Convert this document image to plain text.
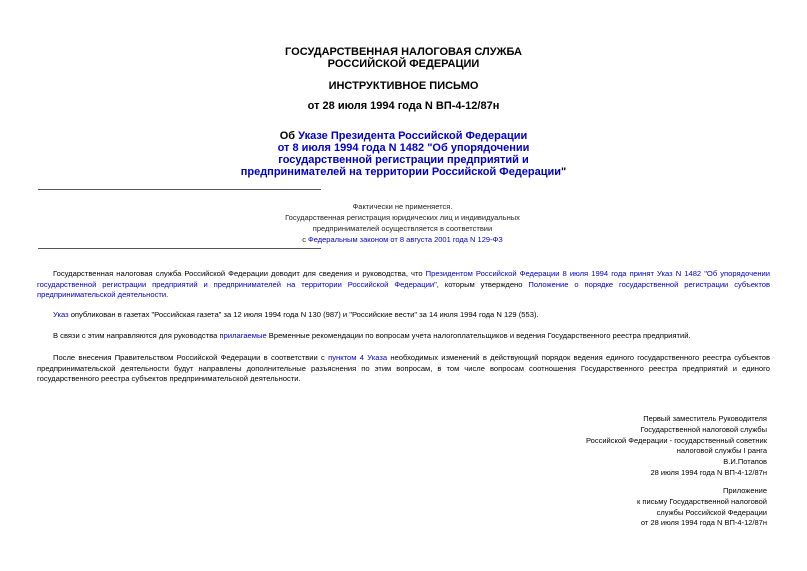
ГОСУДАРСТВЕННАЯ НАЛОГОВАЯ СЛУЖБА
РОССИЙСКОЙ ФЕДЕРАЦИИ
ИНСТРУКТИВНОЕ ПИСЬМО
от 28 июля 1994 года N ВП-4-12/87н
Об Указе Президента Российской Федерации
от 8 июля 1994 года N 1482 "Об упорядочении
государственной регистрации предприятий и
предпринимателей на территории Российской Федерации"
Фактически не применяется.
Государственная регистрация юридических лиц и индивидуальных
предпринимателей осуществляется в соответствии
с Федеральным законом от 8 августа 2001 года N 129-ФЗ

Государственная налоговая служба Российской Федерации доводит для сведения и руководства, что Президентом Российской Федерации 8 июля 1994 года принят Указ N 1482 "Об упорядочении государственной регистрации предприятий и предпринимателей на территории Российской Федерации", которым утверждено Положение о порядке государственной регистрации субъектов предпринимательской деятельности.

Указ опубликован в газетах "Российская газета" за 12 июля 1994 года N 130 (987) и "Российские вести" за 14 июля 1994 года N 129 (553).

В связи с этим направляются для руководства прилагаемые Временные рекомендации по вопросам учета налогоплательщиков и ведения Государственного реестра предприятий.

После внесения Правительством Российской Федерации в соответствии с пунктом 4 Указа необходимых изменений в действующий порядок ведения единого государственного реестра субъектов предпринимательской деятельности будут направлены дополнительные разъяснения по этим вопросам, в том числе вопросам соотношения Государственного реестра предприятий и единого государственного реестра субъектов предпринимательской деятельности.

Первый заместитель Руководителя
Государственной налоговой службы
Российской Федерации - государственный советник
налоговой службы I ранга
В.И.Потапов
28 июля 1994 года N ВП-4-12/87н
Приложение
к письму Государственной налоговой
службы Российской Федерации
от 28 июля 1994 года N ВП-4-12/87н
